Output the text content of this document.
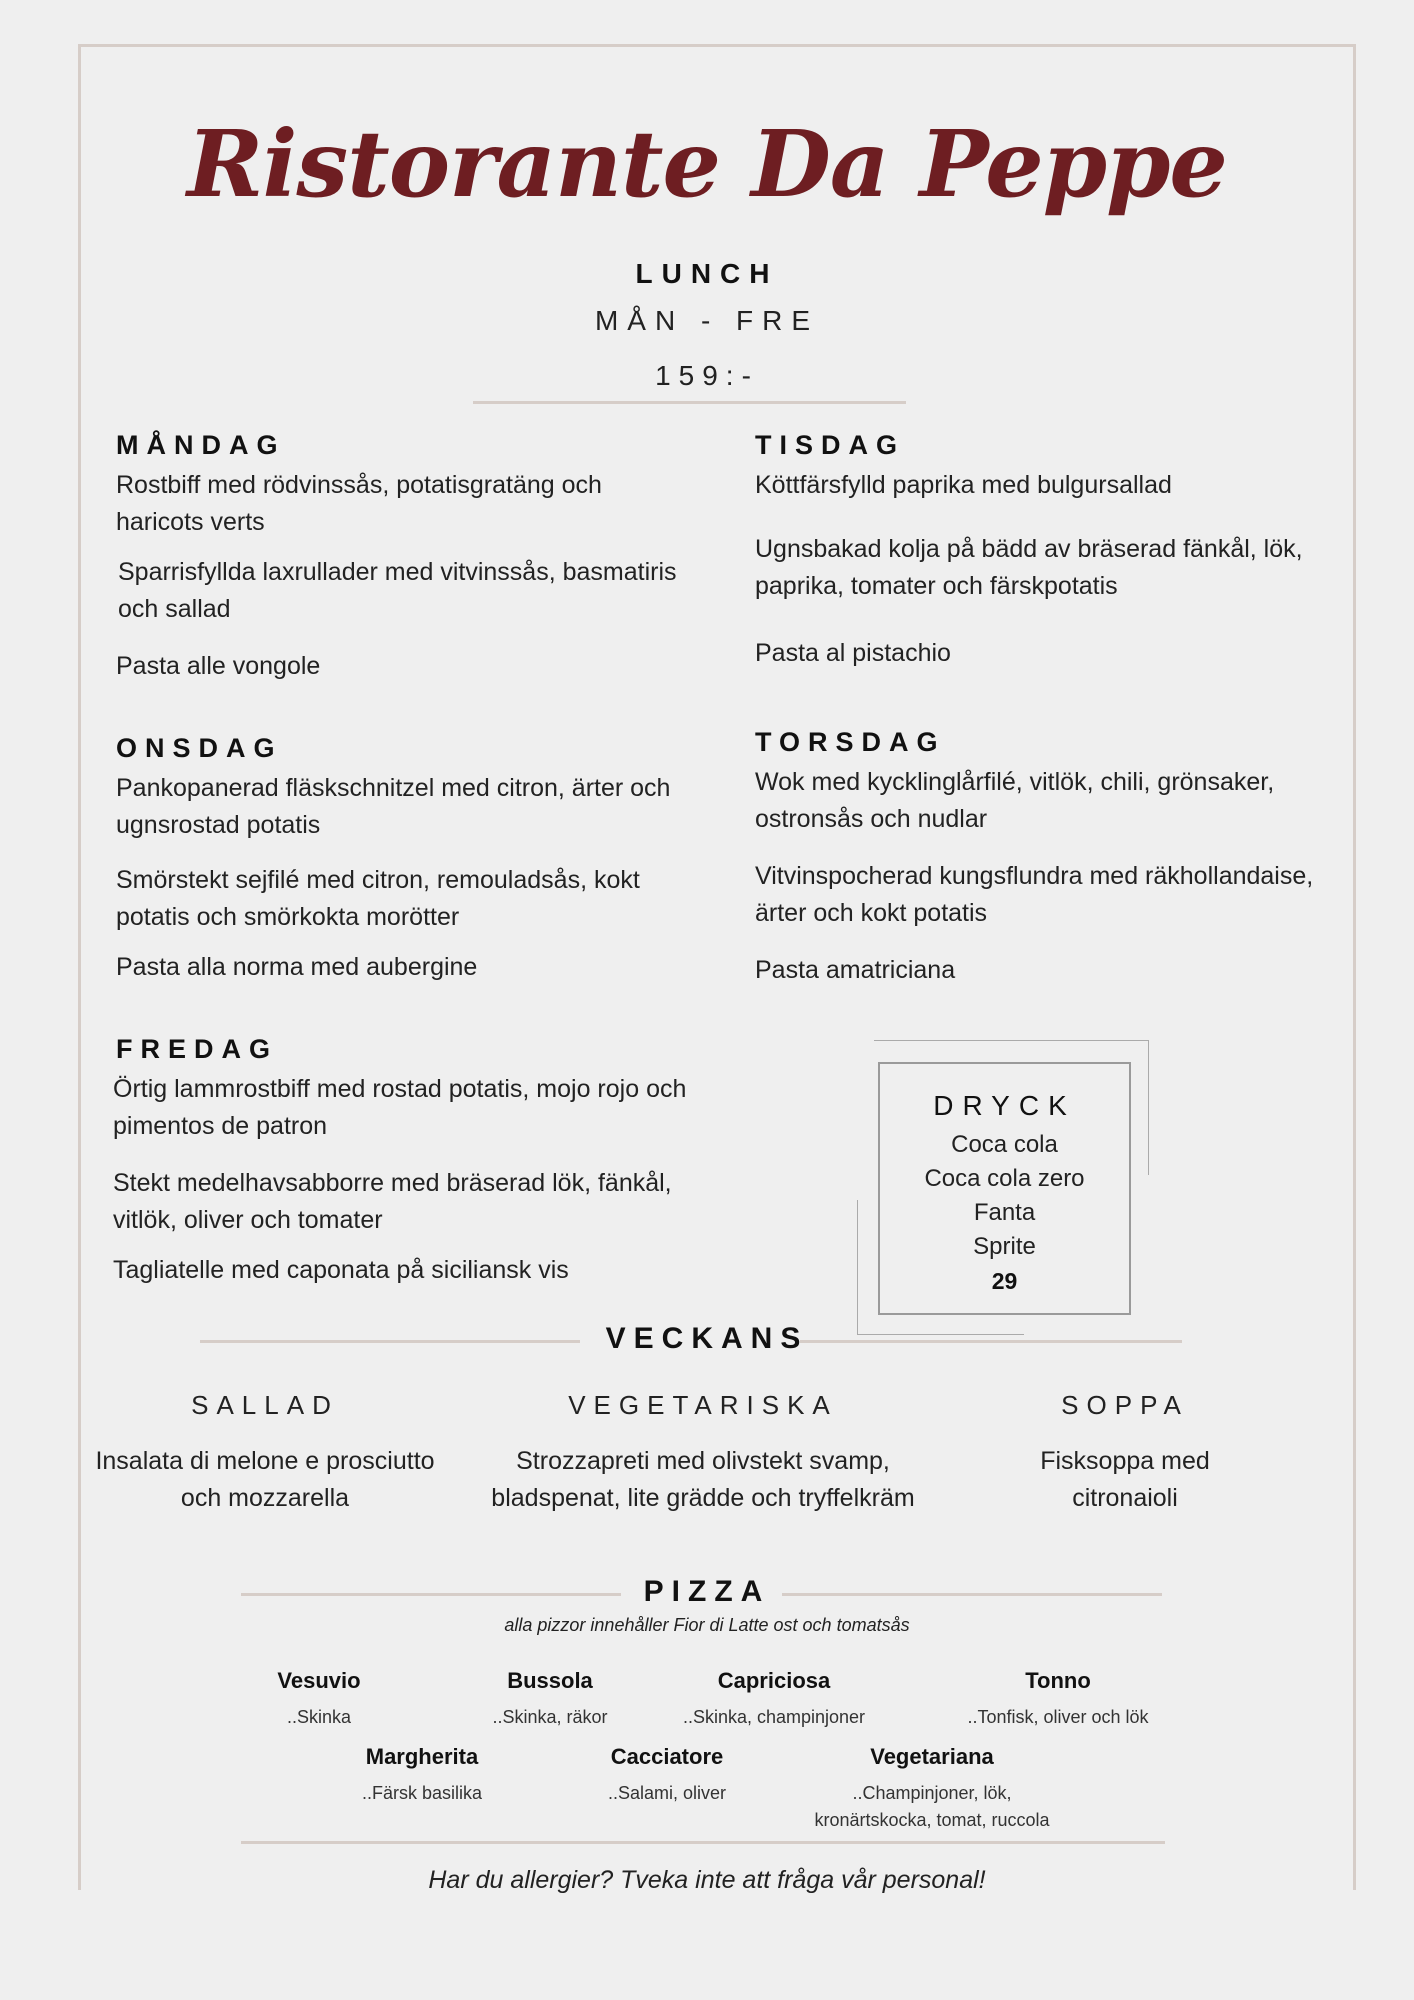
Ristorante Da Peppe
LUNCH
MÅN - FRE
159:-
MÅNDAG

Rostbiff med rödvinssås, potatisgratäng och haricots verts

Sparrisfyllda laxrullader med vitvinssås, basmatiris och sallad

Pasta alle vongole

TISDAG

Köttfärsfylld paprika med bulgursallad

Ugnsbakad kolja på bädd av bräserad fänkål, lök, paprika, tomater och färskpotatis

Pasta al pistachio

ONSDAG

Pankopanerad fläskschnitzel med citron, ärter och ugnsrostad potatis

Smörstekt sejfilé med citron, remouladsås, kokt potatis och smörkokta morötter

Pasta alla norma med aubergine

TORSDAG

Wok med kycklinglårfilé, vitlök, chili, grönsaker, ostronsås och nudlar

Vitvinspocherad kungsflundra med räkhollandaise, ärter och kokt potatis

Pasta amatriciana

FREDAG

Örtig lammrostbiff med rostad potatis, mojo rojo och pimentos de patron

Stekt medelhavsabborre med bräserad lök, fänkål, vitlök, oliver och tomater

Tagliatelle med caponata på siciliansk vis

DRYCK
Coca cola
Coca cola zero
Fanta
Sprite
29
VECKANS
SALLAD

Insalata di melone e prosciutto och mozzarella

VEGETARISKA

Strozzapreti med olivstekt svamp, bladspenat, lite grädde och tryffelkräm

SOPPA

Fisksoppa med citronaioli

PIZZA
alla pizzor innehåller Fior di Latte ost och tomatsås
Vesuvio
..Skinka
Bussola
..Skinka, räkor
Capriciosa
..Skinka, champinjoner
Tonno
..Tonfisk, oliver och lök
Margherita
..Färsk basilika
Cacciatore
..Salami, oliver
Vegetariana
..Champinjoner, lök, kronärtskocka, tomat, ruccola
Har du allergier? Tveka inte att fråga vår personal!
